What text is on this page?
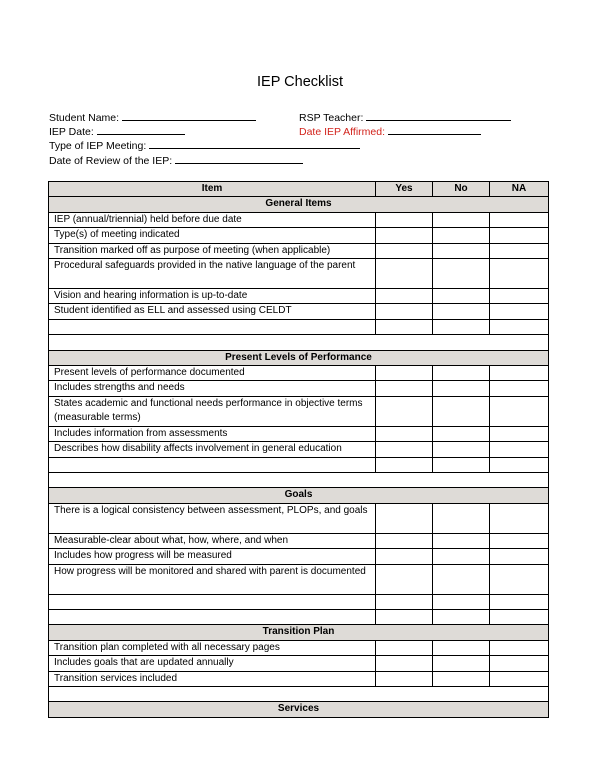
IEP Checklist
Student Name:	RSP Teacher:
IEP Date:	Date IEP Affirmed:
Type of IEP Meeting:
Date of Review of the IEP:
Item	Yes	No	NA
General Items			
IEP (annual/triennial) held before due date			
Type(s) of meeting indicated			
Transition marked off as purpose of meeting (when applicable)			
Procedural safeguards provided in the native language of the parent			
Vision and hearing information is up-to-date			
Student identified as ELL and assessed using CELDT			

Present Levels of Performance			
Present levels of performance documented			
Includes strengths and needs			
States academic and functional needs performance in objective terms (measurable terms)			
Includes information from assessments			
Describes how disability affects involvement in general education			

Goals			
There is a logical consistency between assessment, PLOPs, and goals			
Measurable-clear about what, how, where, and when			
Includes how progress will be measured			
How progress will be monitored and shared with parent is documented			

Transition Plan			
Transition plan completed with all necessary pages			
Includes goals that are updated annually			
Transition services included			

Services			
